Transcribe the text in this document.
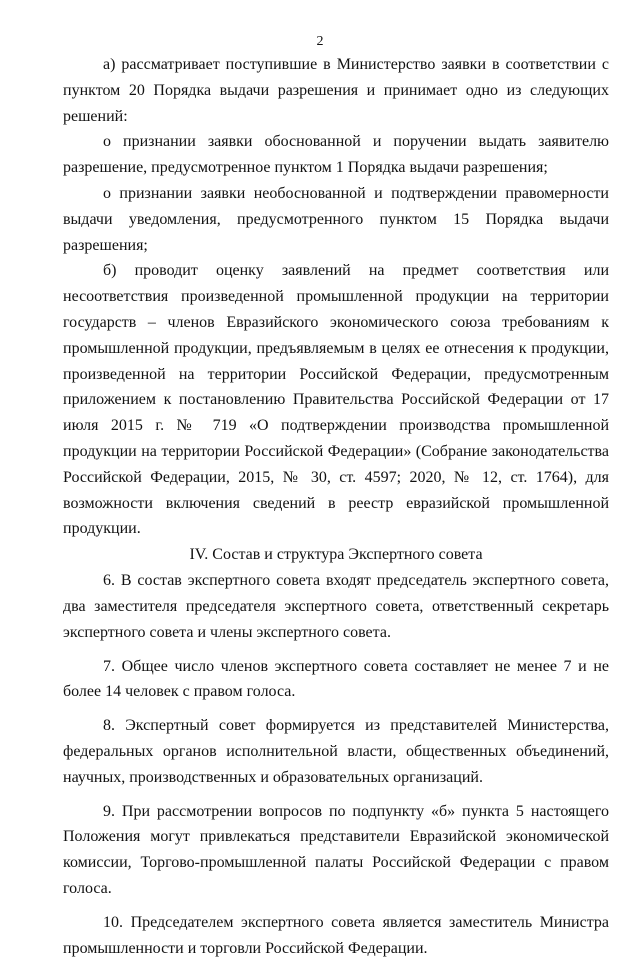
2

а) рассматривает поступившие в Министерство заявки в соответствии с пунктом 20 Порядка выдачи разрешения и принимает одно из следующих решений:

о признании заявки обоснованной и поручении выдать заявителю разрешение, предусмотренное пунктом 1 Порядка выдачи разрешения;

о признании заявки необоснованной и подтверждении правомерности выдачи уведомления, предусмотренного пунктом 15 Порядка выдачи разрешения;

б) проводит оценку заявлений на предмет соответствия или несоответствия произведенной промышленной продукции на территории государств – членов Евразийского экономического союза требованиям к промышленной продукции, предъявляемым в целях ее отнесения к продукции, произведенной на территории Российской Федерации, предусмотренным приложением к постановлению Правительства Российской Федерации от 17 июля 2015 г. № 719 «О подтверждении производства промышленной продукции на территории Российской Федерации» (Собрание законодательства Российской Федерации, 2015, № 30, ст. 4597; 2020, № 12, ст. 1764), для возможности включения сведений в реестр евразийской промышленной продукции.

IV. Состав и структура Экспертного совета

6. В состав экспертного совета входят председатель экспертного совета, два заместителя председателя экспертного совета, ответственный секретарь экспертного совета и члены экспертного совета.

7. Общее число членов экспертного совета составляет не менее 7 и не более 14 человек с правом голоса.

8. Экспертный совет формируется из представителей Министерства, федеральных органов исполнительной власти, общественных объединений, научных, производственных и образовательных организаций.

9. При рассмотрении вопросов по подпункту «б» пункта 5 настоящего Положения могут привлекаться представители Евразийской экономической комиссии, Торгово-промышленной палаты Российской Федерации с правом голоса.

10. Председателем экспертного совета является заместитель Министра промышленности и торговли Российской Федерации.
